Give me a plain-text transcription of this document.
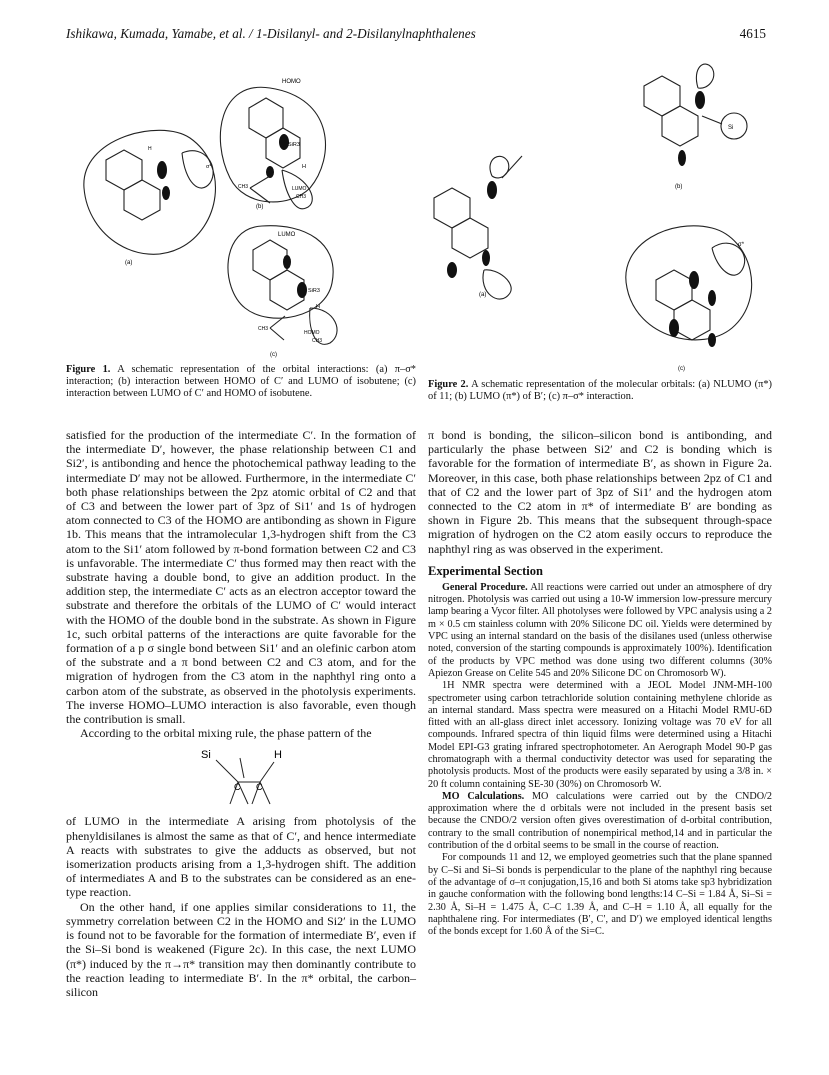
Ishikawa, Kumada, Yamabe, et al. / 1-Disilanyl- and 2-Disilanylnaphthalenes	4615
HOMO
SiR3
H
CH3	LUMO
CH3
(b)
H
σ*
(a)
LUMO
SiR3
H
CH3
HOMO
CH3
(c)
Figure 1. A schematic representation of the orbital interactions: (a) π–σ* interaction; (b) interaction between HOMO of C′ and LUMO of isobutene; (c) interaction between LUMO of C′ and HOMO of isobutene.
Si
(b)
(a)
σ*
(c)
Figure 2. A schematic representation of the molecular orbitals: (a) NLUMO (π*) of 11; (b) LUMO (π*) of B′; (c) π–σ* interaction.

satisfied for the production of the intermediate C′. In the formation of the intermediate D′, however, the phase relationship between C1 and Si2′, is antibonding and hence the photochemical pathway leading to the intermediate D′ may not be allowed. Furthermore, in the intermediate C′ both phase relationships between the 2pz atomic orbital of C2 and that of C3 and between the lower part of 3pz of Si1′ and 1s of hydrogen atom connected to C3 of the HOMO are antibonding as shown in Figure 1b. This means that the intramolecular 1,3-hydrogen shift from the C3 atom to the Si1′ atom followed by π-bond formation between C2 and C3 is unfavorable. The intermediate C′ thus formed may then react with the substrate having a double bond, to give an addition product. In the addition step, the intermediate C′ acts as an electron acceptor toward the substrate and therefore the orbitals of the LUMO of C′ would interact with the HOMO of the double bond in the substrate. As shown in Figure 1c, such orbital patterns of the interactions are quite favorable for the formation of a p σ single bond between Si1′ and an olefinic carbon atom of the substrate and a π bond between C2 and C3 atom, and for the migration of hydrogen from the C3 atom in the naphthyl ring onto a carbon atom of the substrate, as observed in the photolysis experiments. The inverse HOMO–LUMO interaction is also favorable, even though the contribution is small.

According to the orbital mixing rule, the phase pattern of the

Si	H
C C

of LUMO in the intermediate A arising from photolysis of the phenyldisilanes is almost the same as that of C′, and hence intermediate A reacts with substrates to give the adducts as observed, but not isomerization products arising from a 1,3-hydrogen shift. The addition of intermediates A and B to the substrates can be considered as an ene-type reaction.

On the other hand, if one applies similar considerations to 11, the symmetry correlation between C2 in the HOMO and Si2′ in the LUMO is found not to be favorable for the formation of intermediate B′, even if the Si–Si bond is weakened (Figure 2c). In this case, the next LUMO (π*) induced by the π→π* transition may then dominantly contribute to the reaction leading to intermediate B′. In the π* orbital, the carbon–silicon

π bond is bonding, the silicon–silicon bond is antibonding, and particularly the phase between Si2′ and C2 is bonding which is favorable for the formation of intermediate B′, as shown in Figure 2a. Moreover, in this case, both phase relationships between 2pz of C1 and that of C2 and the lower part of 3pz of Si1′ and the hydrogen atom connected to the C2 atom in π* of intermediate B′ are bonding as shown in Figure 2b. This means that the subsequent through-space migration of hydrogen on the C2 atom easily occurs to reproduce the naphthyl ring as was observed in the experiment.

Experimental Section

General Procedure. All reactions were carried out under an atmosphere of dry nitrogen. Photolysis was carried out using a 10-W immersion low-pressure mercury lamp bearing a Vycor filter. All photolyses were followed by VPC analysis using a 2 m × 0.5 cm stainless column with 20% Silicone DC oil. Yields were determined by VPC using an internal standard on the basis of the disilanes used (unless otherwise noted, conversion of the starting compounds is approximately 100%). Identification of the products by VPC method was done using two different columns (30% Apiezon Grease on Celite 545 and 20% Silicone DC on Chromosorb W).

1H NMR spectra were determined with a JEOL Model JNM-MH-100 spectrometer using carbon tetrachloride solution containing methylene chloride as an internal standard. Mass spectra were measured on a Hitachi Model RMU-6D fitted with an all-glass direct inlet accessory. Ionizing voltage was 70 eV for all compounds. Infrared spectra of thin liquid films were determined using a Hitachi Model EPI-G3 grating infrared spectrophotometer. An Aerograph Model 90-P gas chromatograph with a thermal conductivity detector was used for separating the photolysis products. Most of the products were easily separated by using a 3/8 in. × 20 ft column containing SE-30 (30%) on Chromosorb W.

MO Calculations. MO calculations were carried out by the CNDO/2 approximation where the d orbitals were not included in the present basis set because the CNDO/2 version often gives overestimation of d-orbital contribution, contrary to the small contribution of nonempirical method,14 and in particular the contribution of the d orbital seems to be small in the course of reaction.

For compounds 11 and 12, we employed geometries such that the plane spanned by C–Si and Si–Si bonds is perpendicular to the plane of the naphthyl ring because of the advantage of σ–π conjugation,15,16 and both Si atoms take sp3 hybridization in gauche conformation with the following bond lengths:14 C–Si = 1.84 Å, Si–Si = 2.30 Å, Si–H = 1.475 Å, C–C 1.39 Å, and C–H = 1.10 Å, all equally for the naphthalene ring. For intermediates (B′, C′, and D′) we employed identical lengths of the bonds except for 1.60 Å of the Si=C.
